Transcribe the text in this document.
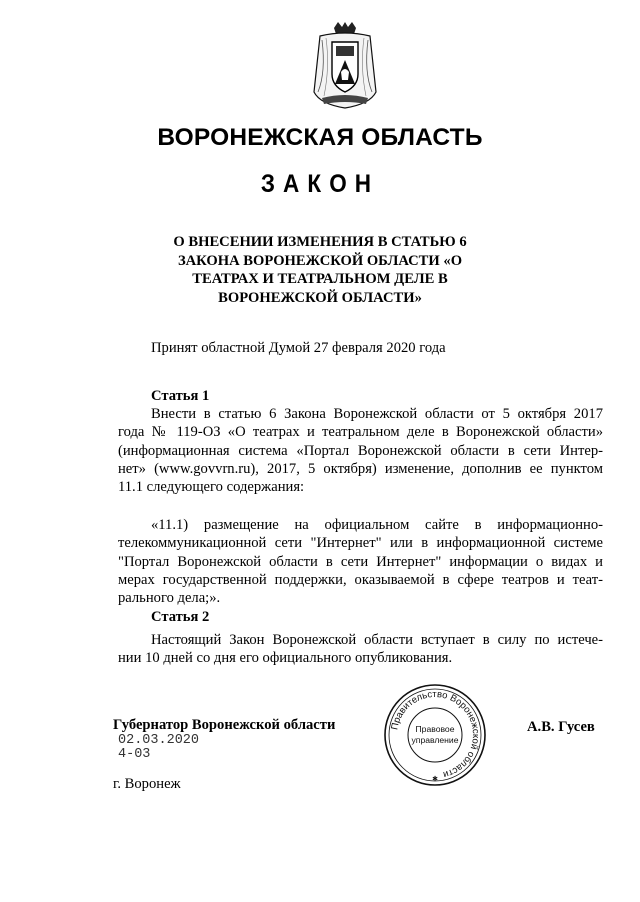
ВОРОНЕЖСКАЯ ОБЛАСТЬ
ЗАКОН
О ВНЕСЕНИИ ИЗМЕНЕНИЯ В СТАТЬЮ 6
ЗАКОНА ВОРОНЕЖСКОЙ ОБЛАСТИ «О
ТЕАТРАХ И ТЕАТРАЛЬНОМ ДЕЛЕ В
ВОРОНЕЖСКОЙ ОБЛАСТИ»
Принят областной Думой 27 февраля 2020 года
Статья 1
Внести в статью 6 Закона Воронежской области от 5 октября 2017
года № 119-ОЗ «О театрах и театральном деле в Воронежской области»
(информационная система «Портал Воронежской области в сети Интер-
нет» (www.govvrn.ru), 2017, 5 октября) изменение, дополнив ее пунктом
11.1 следующего содержания:
«11.1) размещение на официальном сайте в информационно-
телекоммуникационной сети "Интернет" или в информационной системе
"Портал Воронежской области в сети Интернет" информации о видах и
мерах государственной поддержки, оказываемой в сфере театров и теат-
рального дела;».
Статья 2
Настоящий Закон Воронежской области вступает в силу по истече-
нии 10 дней со дня его официального опубликования.
Правительство Воронежской области
Правовое
управление
✱
Губернатор Воронежской области	А.В. Гусев
02.03.2020
4-03
г. Воронеж
